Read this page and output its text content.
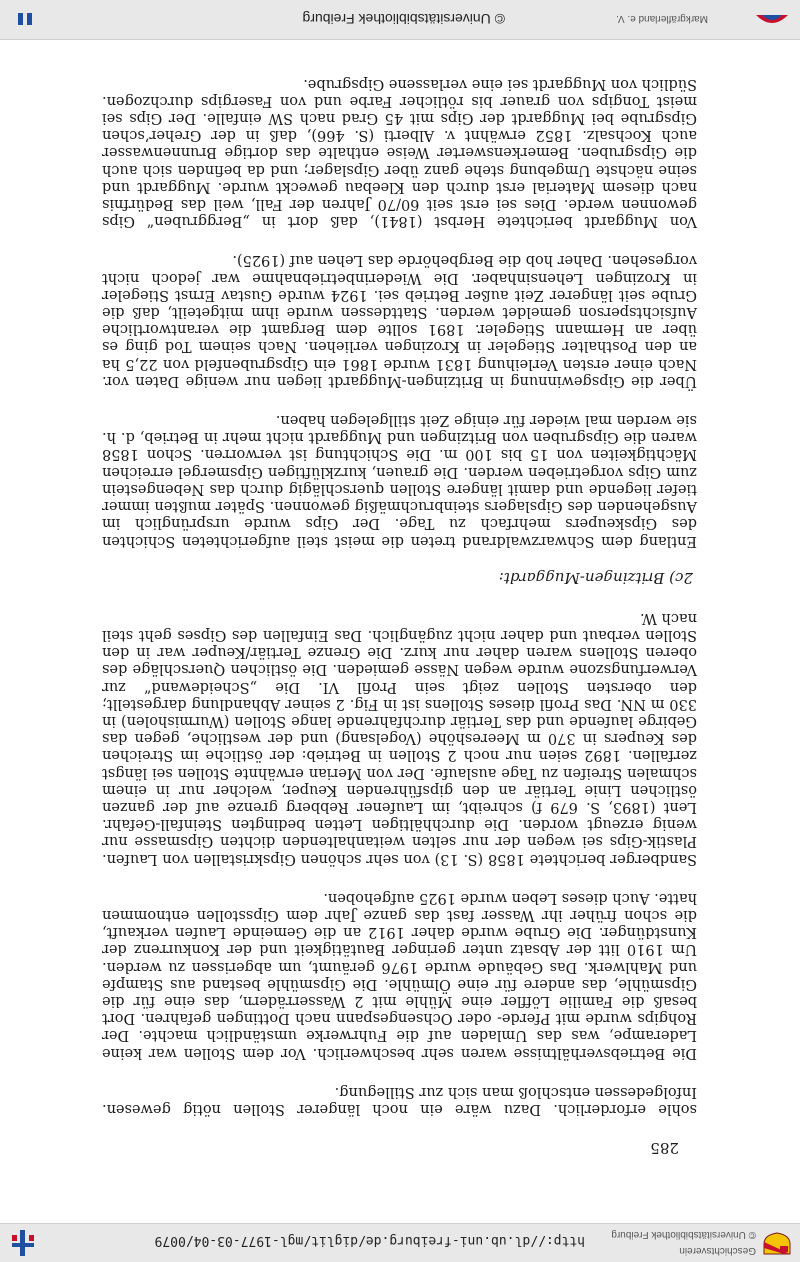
Geschichtsverein
http://dl.ub.uni-freiburg.de/diglit/mgl-1977-03-04/0079	© Universitätsbibliothek Freiburg
285

sohle erforderlich. Dazu wäre ein noch längerer Stollen nötig gewesen. Infolgedessen entschloß man sich zur Stillegung.

Die Betriebsverhältnisse waren sehr beschwerlich. Vor dem Stollen war keine Laderampe, was das Umladen auf die Fuhrwerke umständlich machte. Der Rohgips wurde mit Pferde- oder Ochsengespann nach Dottingen gefahren. Dort besaß die Familie Löffler eine Mühle mit 2 Wasserrädern, das eine für die Gipsmühle, das andere für eine Ölmühle. Die Gipsmühle bestand aus Stampfe und Mahlwerk. Das Gebäude wurde 1976 geräumt, um abgerissen zu werden. Um 1910 litt der Absatz unter geringer Bautätigkeit und der Konkurrenz der Kunstdünger. Die Grube wurde daher 1912 an die Gemeinde Laufen verkauft, die schon früher ihr Wasser fast das ganze Jahr dem Gipsstollen entnommen hatte. Auch dieses Leben wurde 1925 aufgehoben.

Sandberger berichtete 1858 (S. 13) von sehr schönen Gipskristallen von Laufen. Plastik-Gips sei wegen der nur selten weitanhaltenden dichten Gipsmasse nur wenig erzeugt worden. Die durchhältigen Letten bedingten Steinfall-Gefahr. Lent (1893, S. 679 f) schreibt, im Laufener Rebberg grenze auf der ganzen östlichen Linie Tertiär an den gipsführenden Keuper, welcher nur in einem schmalen Streifen zu Tage auslaufe. Der von Merian erwähnte Stollen sei längst zerfallen. 1892 seien nur noch 2 Stollen in Betrieb: der östliche im Streichen des Keupers in 370 m Meereshöhe (Vogelsang) und der westliche, gegen das Gebirge laufende und das Tertiär durchfahrende lange Stollen (Wurmisholen) in 330 m NN. Das Profil dieses Stollens ist in Fig. 2 seiner Abhandlung dargestellt; den obersten Stollen zeigt sein Profil VI. Die „Scheidewand“ zur Verwerfungszone wurde wegen Nässe gemieden. Die östlichen Querschläge des oberen Stollens waren daher nur kurz. Die Grenze Tertiär/Keuper war in den Stollen verbaut und daher nicht zugänglich. Das Einfallen des Gipses geht steil nach W.

2c) Britzingen-Muggardt:

Entlang dem Schwarzwaldrand treten die meist steil aufgerichteten Schichten des Gipskeupers mehrfach zu Tage. Der Gips wurde ursprünglich im Ausgehenden des Gipslagers steinbruchmäßig gewonnen. Später mußten immer tiefer liegende und damit längere Stollen querschlägig durch das Nebengestein zum Gips vorgetrieben werden. Die grauen, kurzklüftigen Gipsmergel erreichen Mächtigkeiten von 15 bis 100 m. Die Schichtung ist verworren. Schon 1858 waren die Gipsgruben von Britzingen und Muggardt nicht mehr in Betrieb, d. h. sie werden mal wieder für einige Zeit stillgelegen haben.

Über die Gipsgewinnung in Britzingen-Muggardt liegen nur wenige Daten vor. Nach einer ersten Verleihung 1831 wurde 1861 ein Gipsgrubenfeld von 22,5 ha an den Posthalter Stiegeler in Krozingen verliehen. Nach seinem Tod ging es über an Hermann Stiegeler. 1891 sollte dem Bergamt die verantwortliche Aufsichtsperson gemeldet werden. Stattdessen wurde ihm mitgeteilt, daß die Grube seit längerer Zeit außer Betrieb sei. 1924 wurde Gustav Ernst Stiegeler in Krozingen Lehensinhaber. Die Wiederinbetriebnahme war jedoch nicht vorgesehen. Daher hob die Bergbehörde das Lehen auf (1925).

Von Muggardt berichtete Herbst (1841), daß dort in „Berggruben“ Gips gewonnen werde. Dies sei erst seit 60/70 Jahren der Fall, weil das Bedürfnis nach diesem Material erst durch den Kleebau geweckt wurde. Muggardt und seine nächste Umgebung stehe ganz über Gipslager; und da befinden sich auch die Gipsgruben. Bemerkenswerter Weise enthalte das dortige Brunnenwasser auch Kochsalz. 1852 erwähnt v. Alberti (S. 466), daß in der Greher’schen Gipsgrube bei Muggardt der Gips mit 45 Grad nach SW einfalle. Der Gips sei meist Tongips von grauer bis rötlicher Farbe und von Fasergips durchzogen. Südlich von Muggardt sei eine verlassene Gipsgrube.

© Universitätsbibliothek Freiburg	Markgräflerland e. V.
